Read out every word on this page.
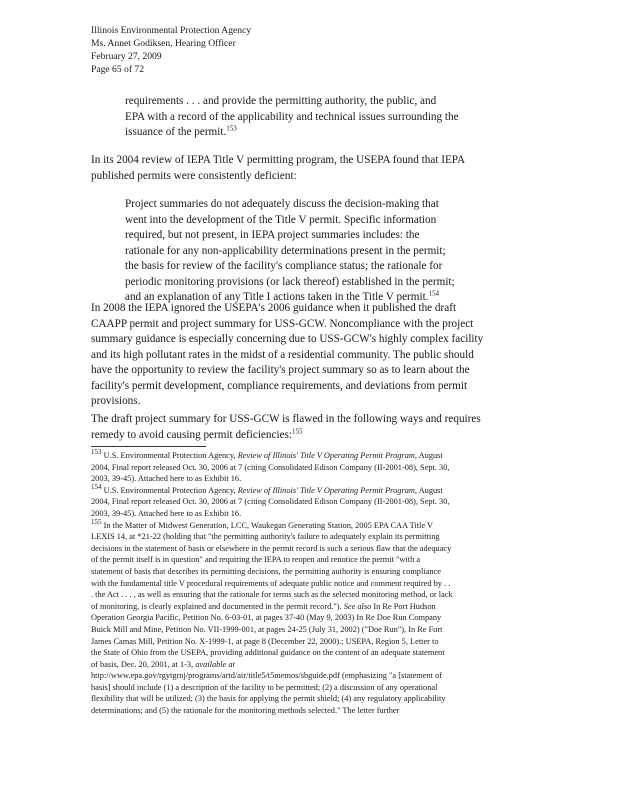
Illinois Environmental Protection Agency
Ms. Annet Godiksen, Hearing Officer
February 27, 2009
Page 65 of 72
requirements . . . and provide the permitting authority, the public, and
EPA with a record of the applicability and technical issues surrounding the
issuance of the permit.$^{153}$
In its 2004 review of IEPA Title V permitting program, the USEPA found that IEPA
published permits were consistently deficient:
Project summaries do not adequately discuss the decision-making that
went into the development of the Title V permit. Specific information
required, but not present, in IEPA project summaries includes: the
rationale for any non-applicability determinations present in the permit;
the basis for review of the facility's compliance status; the rationale for
periodic monitoring provisions (or lack thereof) established in the permit;
and an explanation of any Title I actions taken in the Title V permit.$^{154}$
In 2008 the IEPA ignored the USEPA's 2006 guidance when it published the draft
CAAPP permit and project summary for USS-GCW. Noncompliance with the project
summary guidance is especially concerning due to USS-GCW's highly complex facility
and its high pollutant rates in the midst of a residential community. The public should
have the opportunity to review the facility's project summary so as to learn about the
facility's permit development, compliance requirements, and deviations from permit
provisions.
The draft project summary for USS-GCW is flawed in the following ways and requires
remedy to avoid causing permit deficiencies:$^{155}$
$^{153}$ U.S. Environmental Protection Agency, Review of Illinois' Title V Operating Permit Program, August
2004, Final report released Oct. 30, 2006 at 7 (citing Consolidated Edison Company (II-2001-08), Sept. 30,
2003, 39-45). Attached here to as Exhibit 16.
$^{154}$ U.S. Environmental Protection Agency, Review of Illinois' Title V Operating Permit Program, August
2004, Final report released Oct. 30, 2006 at 7 (citing Consolidated Edison Company (II-2001-08), Sept. 30,
2003, 39-45). Attached here to as Exhibit 16.
$^{155}$ In the Matter of Midwest Generation, LCC, Waukegan Generating Station, 2005 EPA CAA Title V
LEXIS 14, at *21-22 (holding that "the permitting authority's failure to adequately explain its permitting
decisions in the statement of basis or elsewhere in the permit record is such a serious flaw that the adequacy
of the permit itself is in question" and requiring the IEPA to reopen and renotice the permit "with a
statement of basis that describes its permitting decisions, the permitting authority is ensuring compliance
with the fundamental title V procedural requirements of adequate public notice and comment required by . .
. the Act . . . , as well as ensuring that the rationale for terms such as the selected monitoring method, or lack
of monitoring, is clearly explained and documented in the permit record."). See also In Re Port Hudson
Operation Georgia Pacific, Petition No. 6-03-01, at pages 37-40 (May 9, 2003) In Re Doe Run Company
Buick Mill and Mine, Petition No. VII-1999-001, at pages 24-25 (July 31, 2002) ("Doe Run"), In Re Fort
James Camas Mill, Petition No. X-1999-1, at page 8 (December 22, 2000).; USEPA, Region 5, Letter to
the State of Ohio from the USEPA, providing additional guidance on the content of an adequate statement
of basis, Dec. 20, 2001, at 1-3, available at
http://www.epa.gov/rgytgrnj/programs/artd/air/title5/t5memos/sbguide.pdf (emphasizing "a [statement of
basis] should include (1) a description of the facility to be permitted; (2) a discussion of any operational
flexibility that will be utilized; (3) the basis for applying the permit shield; (4) any regulatory applicability
determinations; and (5) the rationale for the monitoring methods selected." The letter further
